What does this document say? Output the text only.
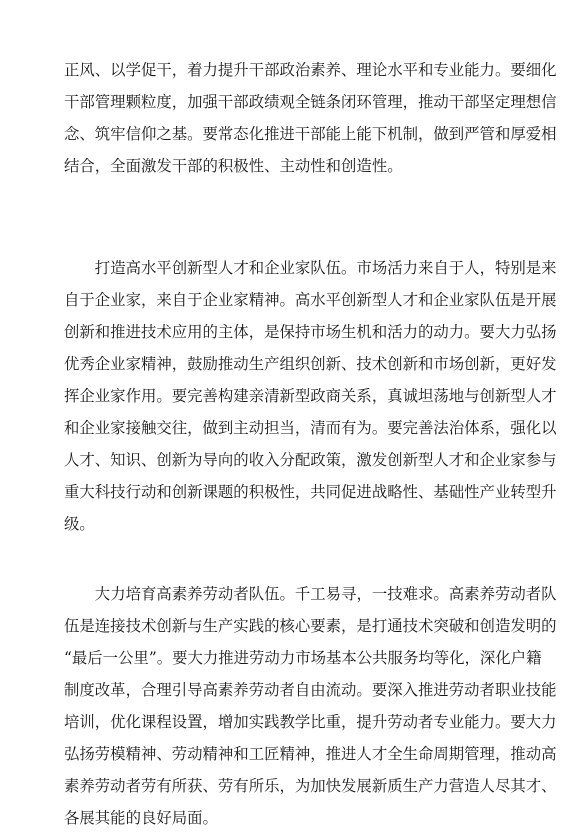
正风、以学促干，着力提升干部政治素养、理论水平和专业能力。要细化
干部管理颗粒度，加强干部政绩观全链条闭环管理，推动干部坚定理想信
念、筑牢信仰之基。要常态化推进干部能上能下机制，做到严管和厚爱相
结合，全面激发干部的积极性、主动性和创造性。
打造高水平创新型人才和企业家队伍。市场活力来自于人，特别是来
自于企业家，来自于企业家精神。高水平创新型人才和企业家队伍是开展
创新和推进技术应用的主体，是保持市场生机和活力的动力。要大力弘扬
优秀企业家精神，鼓励推动生产组织创新、技术创新和市场创新，更好发
挥企业家作用。要完善构建亲清新型政商关系，真诚坦荡地与创新型人才
和企业家接触交往，做到主动担当，清而有为。要完善法治体系，强化以
人才、知识、创新为导向的收入分配政策，激发创新型人才和企业家参与
重大科技行动和创新课题的积极性，共同促进战略性、基础性产业转型升
级。
大力培育高素养劳动者队伍。千工易寻，一技难求。高素养劳动者队
伍是连接技术创新与生产实践的核心要素，是打通技术突破和创造发明的
“最后一公里”。要大力推进劳动力市场基本公共服务均等化，深化户籍
制度改革，合理引导高素养劳动者自由流动。要深入推进劳动者职业技能
培训，优化课程设置，增加实践教学比重，提升劳动者专业能力。要大力
弘扬劳模精神、劳动精神和工匠精神，推进人才全生命周期管理，推动高
素养劳动者劳有所获、劳有所乐，为加快发展新质生产力营造人尽其才、
各展其能的良好局面。
